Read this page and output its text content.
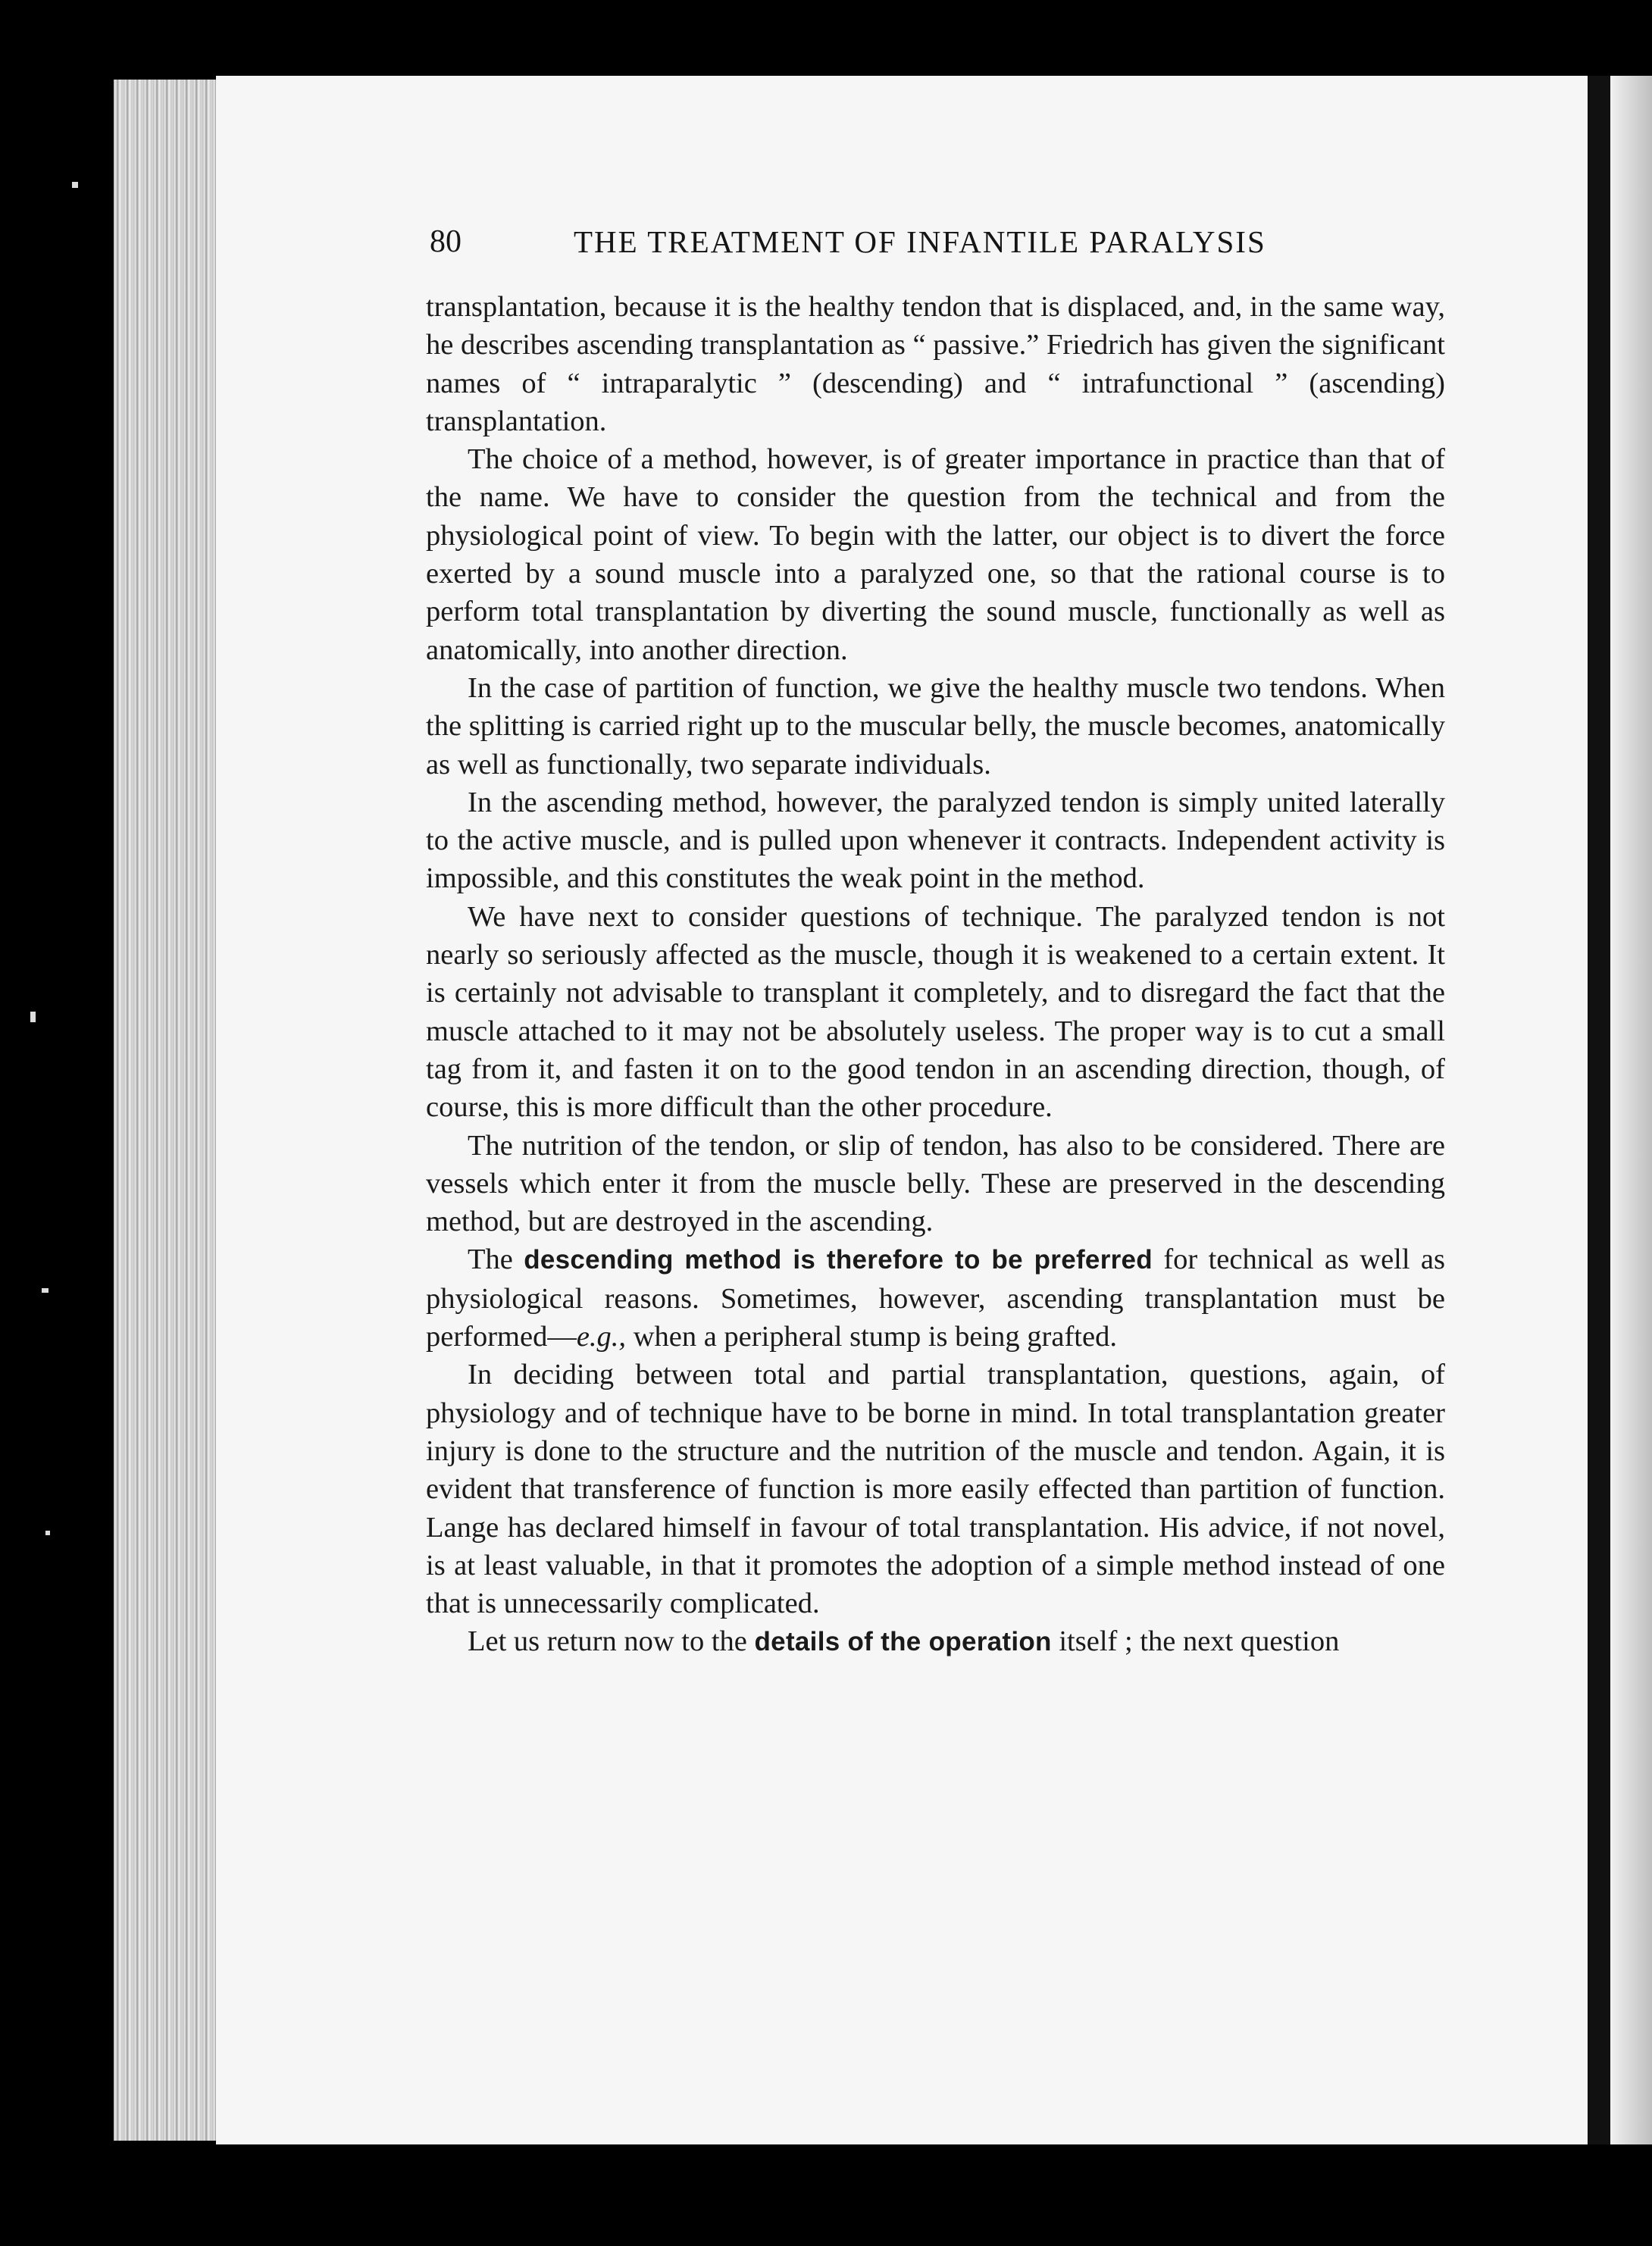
80	THE TREATMENT OF INFANTILE PARALYSIS

transplantation, because it is the healthy tendon that is displaced, and, in the same way, he describes ascending transplantation as “ passive.” Friedrich has given the significant names of “ intraparalytic ” (descending) and “ intrafunctional ” (ascending) transplantation.

The choice of a method, however, is of greater importance in practice than that of the name. We have to consider the question from the technical and from the physiological point of view. To begin with the latter, our object is to divert the force exerted by a sound muscle into a paralyzed one, so that the rational course is to perform total transplantation by diverting the sound muscle, functionally as well as anatomically, into another direction.

In the case of partition of function, we give the healthy muscle two tendons. When the splitting is carried right up to the muscular belly, the muscle becomes, anatomically as well as functionally, two separate individuals.

In the ascending method, however, the paralyzed tendon is simply united laterally to the active muscle, and is pulled upon whenever it contracts. Independent activity is impossible, and this constitutes the weak point in the method.

We have next to consider questions of technique. The paralyzed tendon is not nearly so seriously affected as the muscle, though it is weakened to a certain extent. It is certainly not advisable to transplant it completely, and to disregard the fact that the muscle attached to it may not be absolutely useless. The proper way is to cut a small tag from it, and fasten it on to the good tendon in an ascending direction, though, of course, this is more difficult than the other procedure.

The nutrition of the tendon, or slip of tendon, has also to be considered. There are vessels which enter it from the muscle belly. These are preserved in the descending method, but are destroyed in the ascending.

The descending method is therefore to be preferred for technical as well as physiological reasons. Sometimes, however, ascending transplantation must be performed—e.g., when a peripheral stump is being grafted.

In deciding between total and partial transplantation, questions, again, of physiology and of technique have to be borne in mind. In total transplantation greater injury is done to the structure and the nutrition of the muscle and tendon. Again, it is evident that transference of function is more easily effected than partition of function. Lange has declared himself in favour of total transplantation. His advice, if not novel, is at least valuable, in that it promotes the adoption of a simple method instead of one that is unnecessarily complicated.

Let us return now to the details of the operation itself ; the next question
